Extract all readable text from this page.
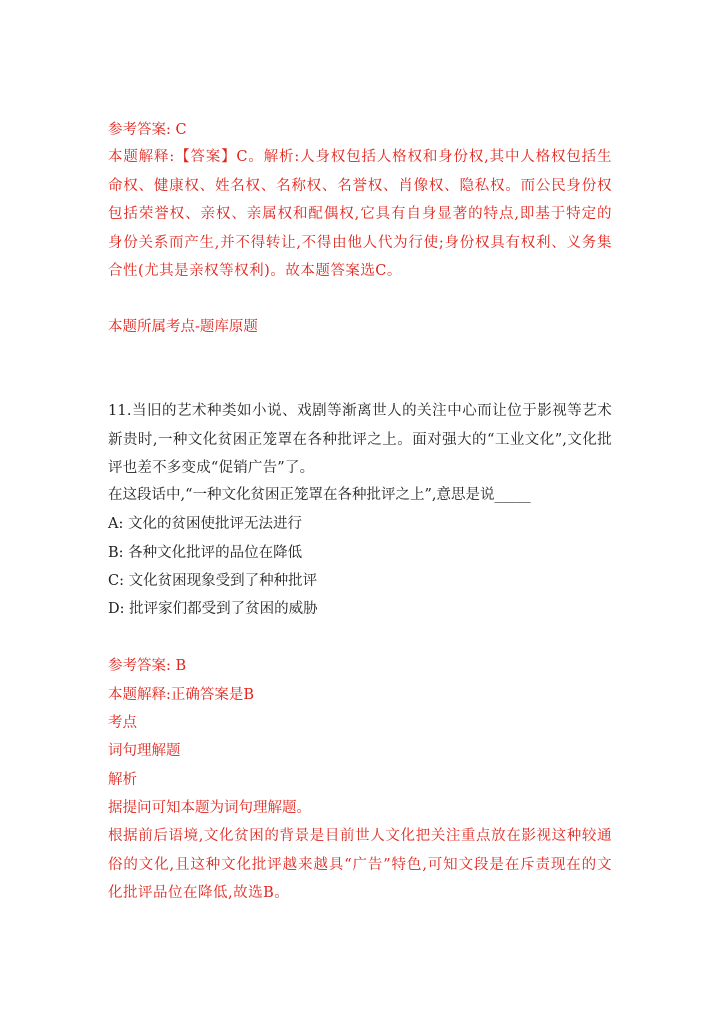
参考答案: C
本题解释:【答案】C。解析:人身权包括人格权和身份权,其中人格权包括生命权、健康权、姓名权、名称权、名誉权、肖像权、隐私权。而公民身份权包括荣誉权、亲权、亲属权和配偶权,它具有自身显著的特点,即基于特定的身份关系而产生,并不得转让,不得由他人代为行使;身份权具有权利、义务集合性(尤其是亲权等权利)。故本题答案选C。
本题所属考点-题库原题
11.当旧的艺术种类如小说、戏剧等渐离世人的关注中心而让位于影视等艺术新贵时,一种文化贫困正笼罩在各种批评之上。面对强大的“工业文化”,文化批评也差不多变成“促销广告”了。
在这段话中,“一种文化贫困正笼罩在各种批评之上”,意思是说_____
A: 文化的贫困使批评无法进行
B: 各种文化批评的品位在降低
C: 文化贫困现象受到了种种批评
D: 批评家们都受到了贫困的威胁
参考答案: B
本题解释:正确答案是B
考点
词句理解题
解析
据提问可知本题为词句理解题。
根据前后语境,文化贫困的背景是目前世人文化把关注重点放在影视这种较通俗的文化,且这种文化批评越来越具“广告”特色,可知文段是在斥责现在的文化批评品位在降低,故选B。
